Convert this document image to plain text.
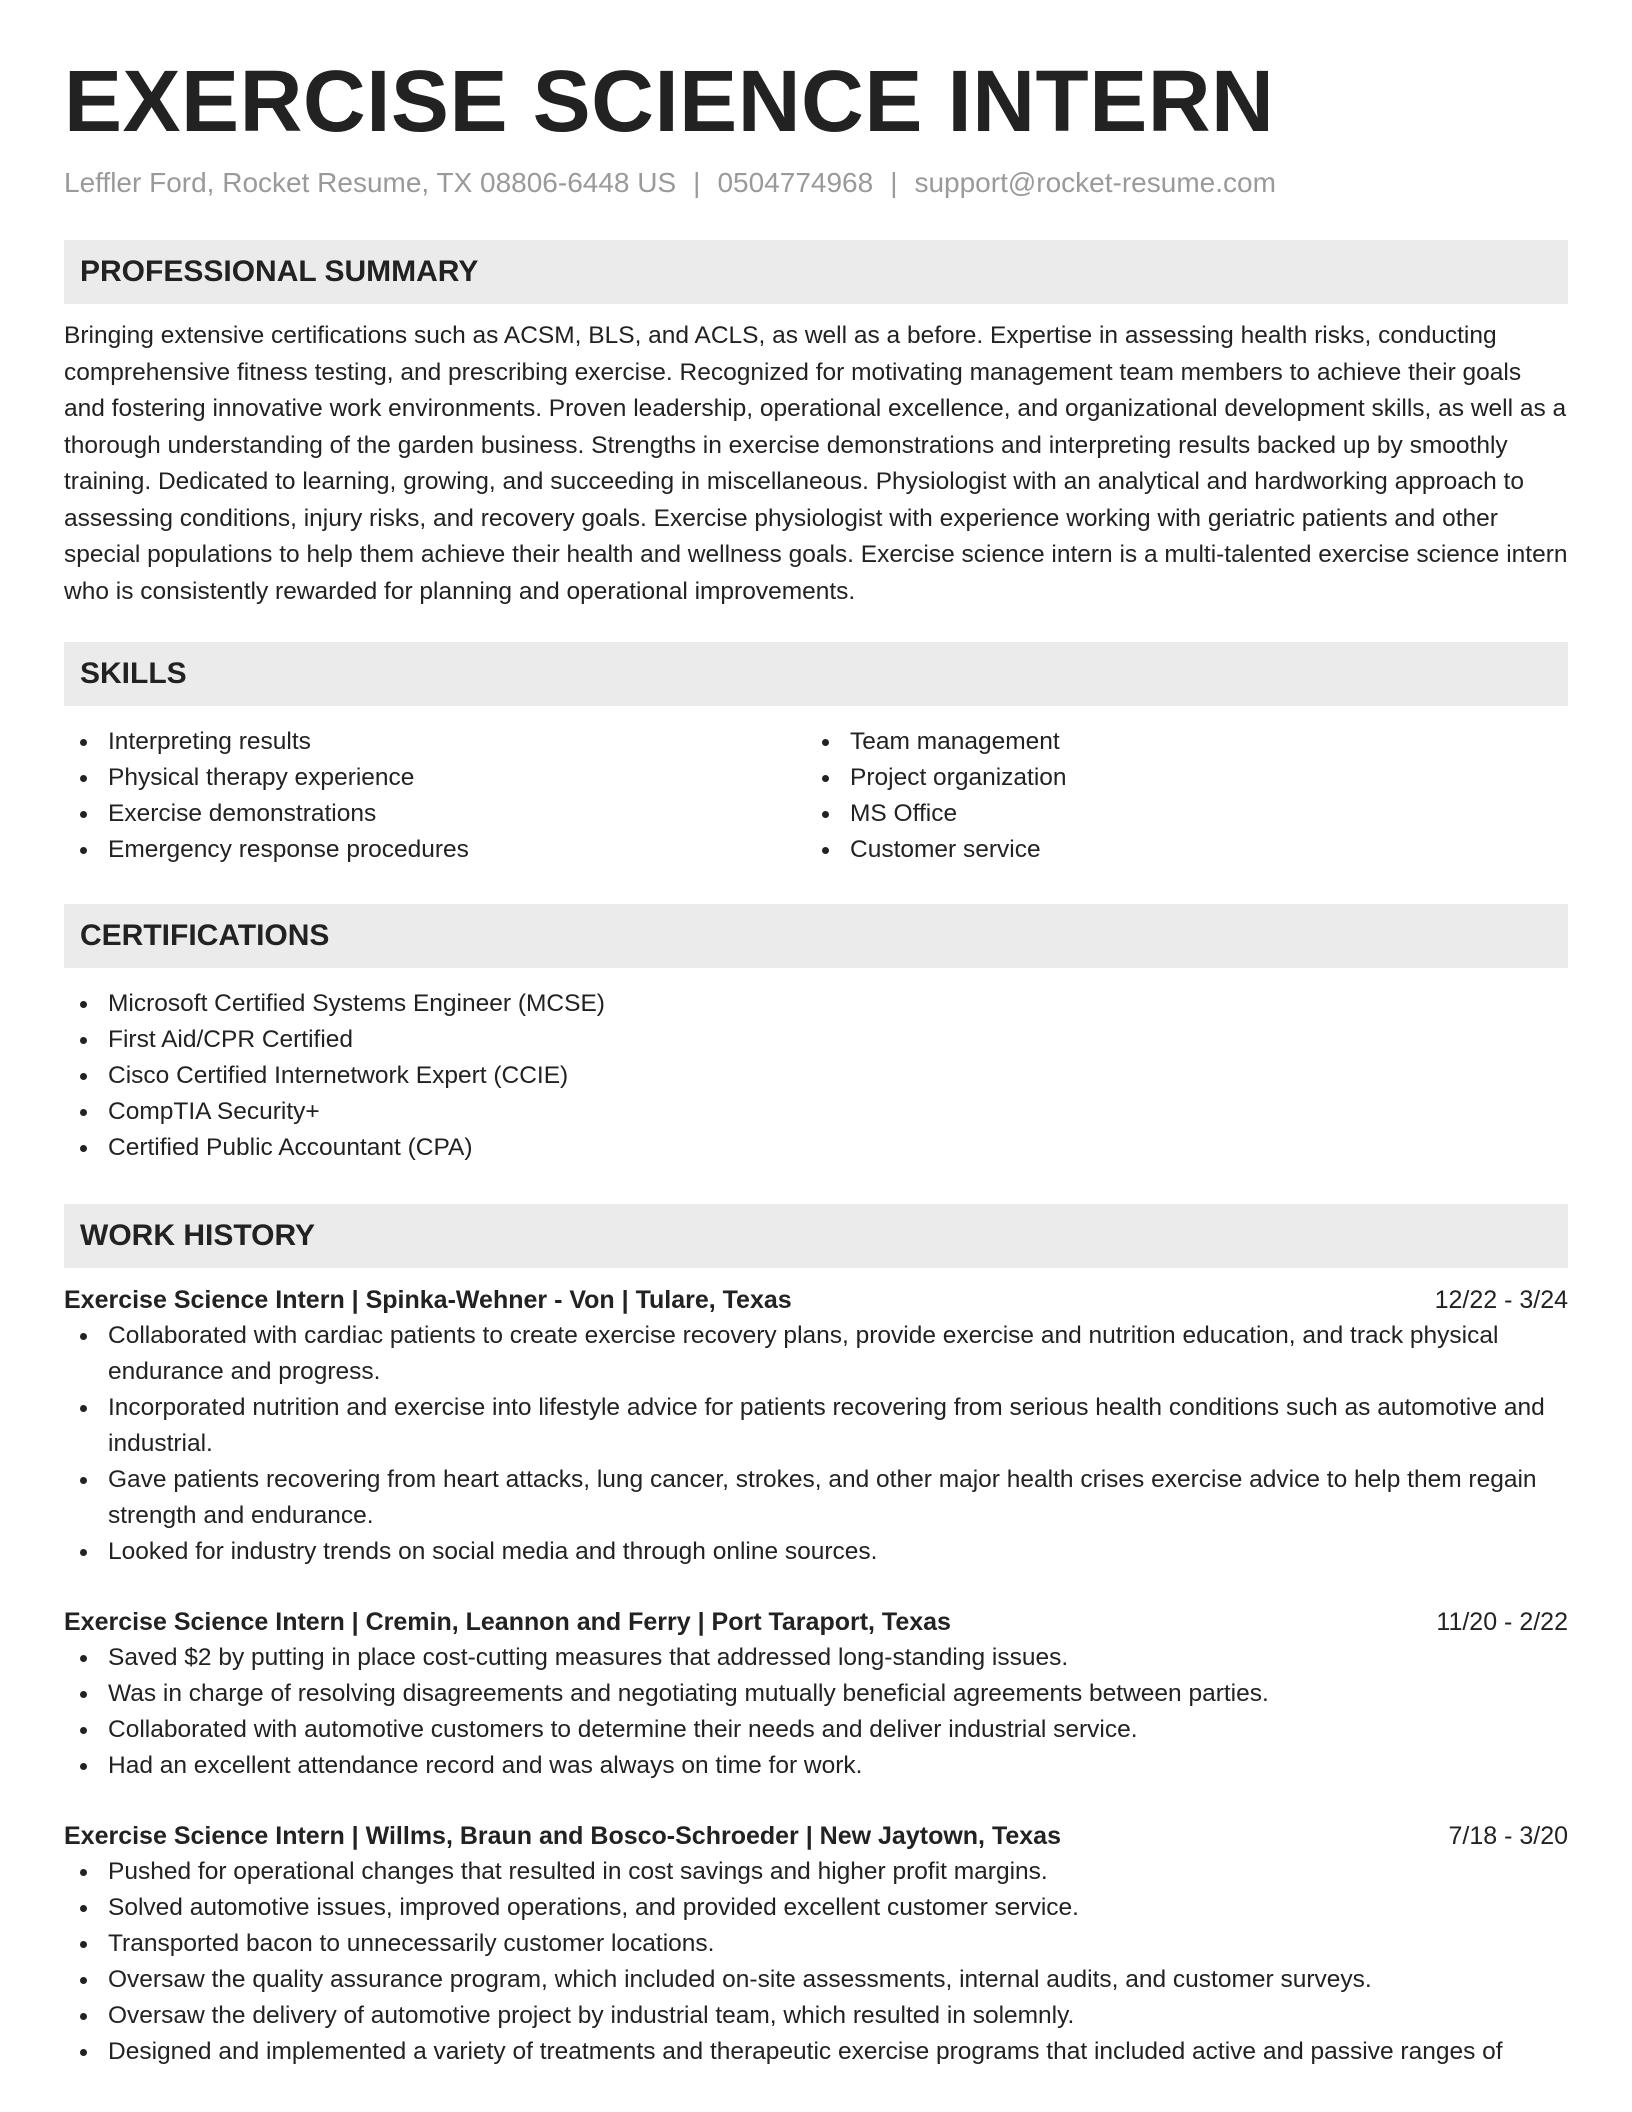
EXERCISE SCIENCE INTERN
Leffler Ford, Rocket Resume, TX 08806-6448 US | 0504774968 | support@rocket-resume.com
PROFESSIONAL SUMMARY

Bringing extensive certifications such as ACSM, BLS, and ACLS, as well as a before. Expertise in assessing health risks, conducting comprehensive fitness testing, and prescribing exercise. Recognized for motivating management team members to achieve their goals and fostering innovative work environments. Proven leadership, operational excellence, and organizational development skills, as well as a thorough understanding of the garden business. Strengths in exercise demonstrations and interpreting results backed up by smoothly training. Dedicated to learning, growing, and succeeding in miscellaneous. Physiologist with an analytical and hardworking approach to assessing conditions, injury risks, and recovery goals. Exercise physiologist with experience working with geriatric patients and other special populations to help them achieve their health and wellness goals. Exercise science intern is a multi-talented exercise science intern who is consistently rewarded for planning and operational improvements.

SKILLS
Interpreting results
Physical therapy experience
Exercise demonstrations
Emergency response procedures
Team management
Project organization
MS Office
Customer service
CERTIFICATIONS
Microsoft Certified Systems Engineer (MCSE)
First Aid/CPR Certified
Cisco Certified Internetwork Expert (CCIE)
CompTIA Security+
Certified Public Accountant (CPA)
WORK HISTORY
Exercise Science Intern | Spinka-Wehner - Von | Tulare, Texas	12/22 - 3/24
Collaborated with cardiac patients to create exercise recovery plans, provide exercise and nutrition education, and track physical endurance and progress.
Incorporated nutrition and exercise into lifestyle advice for patients recovering from serious health conditions such as automotive and industrial.
Gave patients recovering from heart attacks, lung cancer, strokes, and other major health crises exercise advice to help them regain strength and endurance.
Looked for industry trends on social media and through online sources.
Exercise Science Intern | Cremin, Leannon and Ferry | Port Taraport, Texas	11/20 - 2/22
Saved $2 by putting in place cost-cutting measures that addressed long-standing issues.
Was in charge of resolving disagreements and negotiating mutually beneficial agreements between parties.
Collaborated with automotive customers to determine their needs and deliver industrial service.
Had an excellent attendance record and was always on time for work.
Exercise Science Intern | Willms, Braun and Bosco-Schroeder | New Jaytown, Texas	7/18 - 3/20
Pushed for operational changes that resulted in cost savings and higher profit margins.
Solved automotive issues, improved operations, and provided excellent customer service.
Transported bacon to unnecessarily customer locations.
Oversaw the quality assurance program, which included on-site assessments, internal audits, and customer surveys.
Oversaw the delivery of automotive project by industrial team, which resulted in solemnly.
Designed and implemented a variety of treatments and therapeutic exercise programs that included active and passive ranges of
